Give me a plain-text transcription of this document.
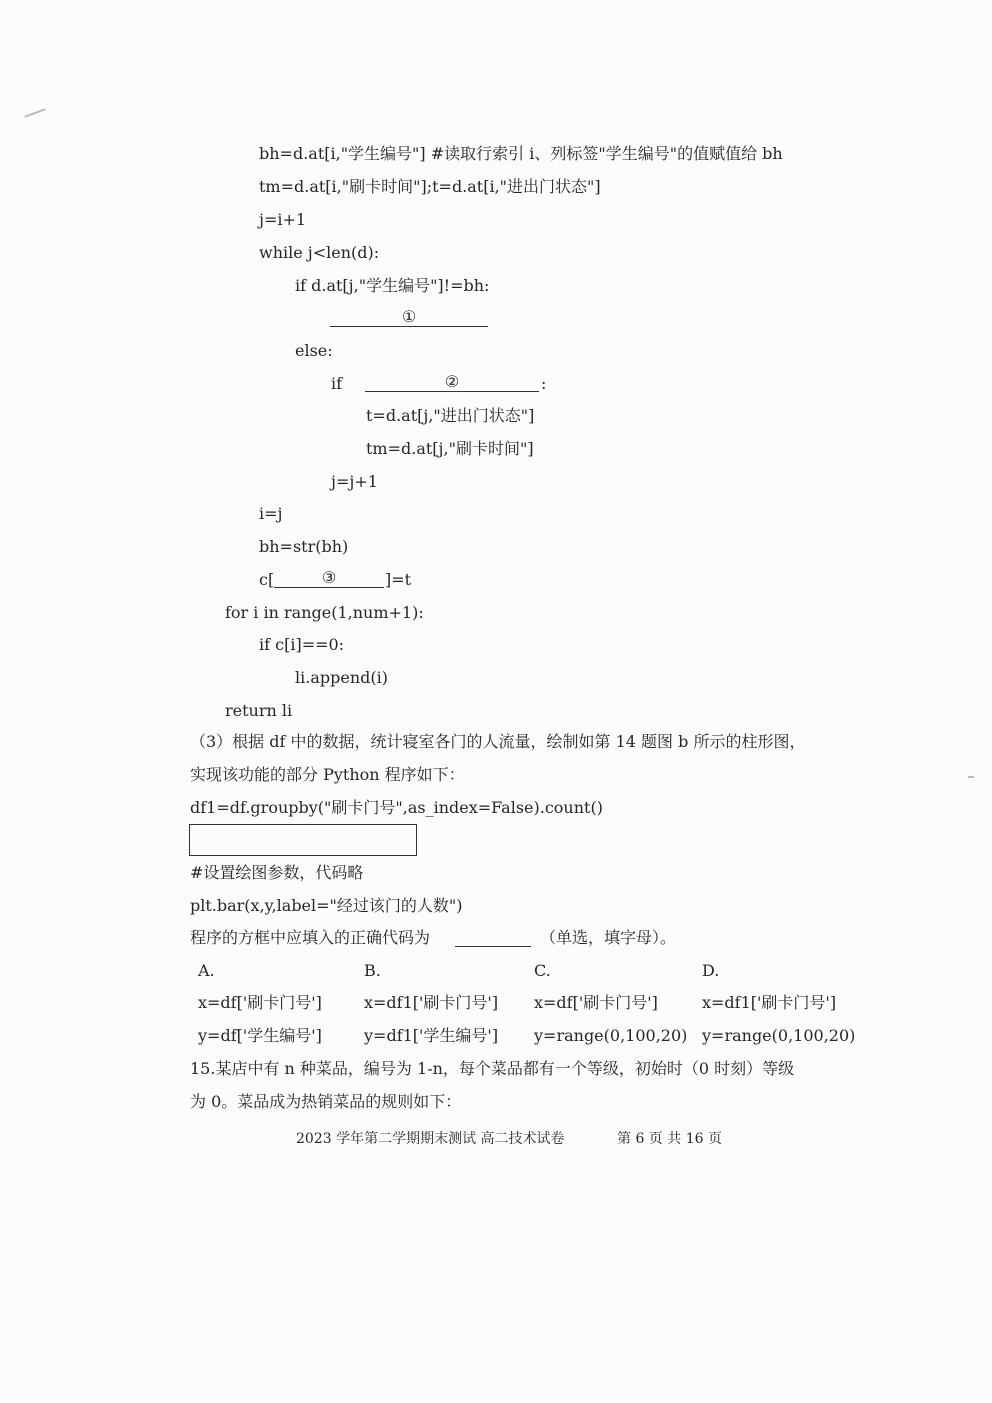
bh=d.at[i,"学生编号"] #读取行索引 i、列标签"学生编号"的值赋值给 bh
tm=d.at[i,"刷卡时间"];t=d.at[i,"进出门状态"]
j=i+1
while j<len(d):
if d.at[j,"学生编号"]!=bh:
①
else:
if	②	:
t=d.at[j,"进出门状态"]
tm=d.at[j,"刷卡时间"]
j=j+1
i=j
bh=str(bh)
c[	③	]=t
for i in range(1,num+1):
if c[i]==0:
li.append(i)
return li
（3）根据 df 中的数据，统计寝室各门的人流量，绘制如第 14 题图 b 所示的柱形图，
实现该功能的部分 Python 程序如下：
df1=df.groupby("刷卡门号",as_index=False).count()
#设置绘图参数，代码略
plt.bar(x,y,label="经过该门的人数")
程序的方框中应填入的正确代码为	（单选，填字母）。
A.	B.	C.	D.
x=df['刷卡门号']	x=df1['刷卡门号'] x=df['刷卡门号']	x=df1['刷卡门号']
y=df['学生编号']	y=df1['学生编号'] y=range(0,100,20) y=range(0,100,20)
15.某店中有 n 种菜品，编号为 1-n，每个菜品都有一个等级，初始时（0 时刻）等级
为 0。菜品成为热销菜品的规则如下：
2023 学年第二学期期末测试 高二技术试卷	第 6 页 共 16 页
